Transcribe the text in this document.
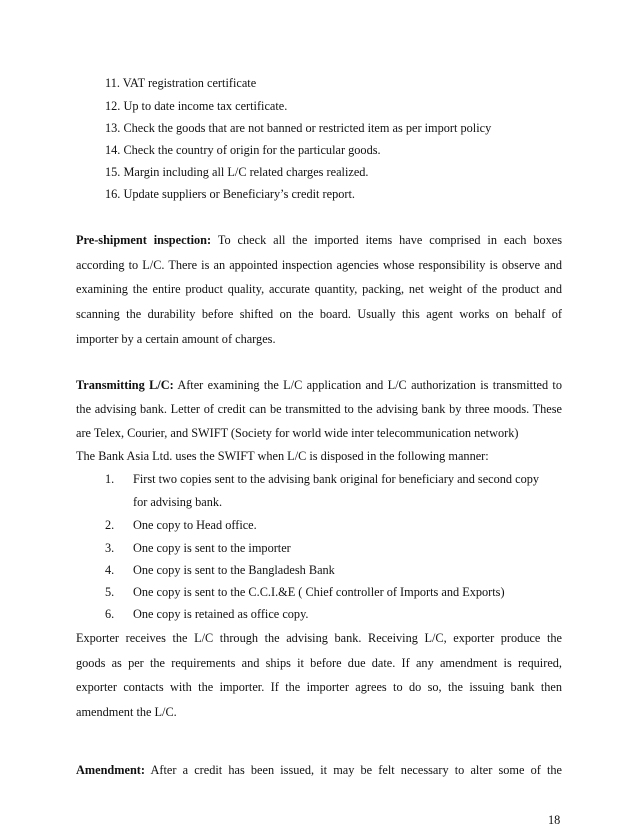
11. VAT registration certificate
12. Up to date income tax certificate.
13. Check the goods that are not banned or restricted item as per import policy
14. Check the country of origin for the particular goods.
15. Margin including all L/C related charges realized.
16. Update suppliers or Beneficiary’s credit report.
Pre-shipment inspection: To check all the imported items have comprised in each boxes
according to L/C. There is an appointed inspection agencies whose responsibility is observe and
examining the entire product quality, accurate quantity, packing, net weight of the product and
scanning the durability before shifted on the board. Usually this agent works on behalf of
importer by a certain amount of charges.
Transmitting L/C: After examining the L/C application and L/C authorization is transmitted to
the advising bank. Letter of credit can be transmitted to the advising bank by three moods. These
are Telex, Courier, and SWIFT (Society for world wide inter telecommunication network)
The Bank Asia Ltd. uses the SWIFT when L/C is disposed in the following manner:
1. First two copies sent to the advising bank original for beneficiary and second copy
for advising bank.
2. One copy to Head office.
3. One copy is sent to the importer
4. One copy is sent to the Bangladesh Bank
5. One copy is sent to the C.C.I.&E ( Chief controller of Imports and Exports)
6. One copy is retained as office copy.
Exporter receives the L/C through the advising bank. Receiving L/C, exporter produce the
goods as per the requirements and ships it before due date. If any amendment is required,
exporter contacts with the importer. If the importer agrees to do so, the issuing bank then
amendment the L/C.
Amendment: After a credit has been issued, it may be felt necessary to alter some of the
18
